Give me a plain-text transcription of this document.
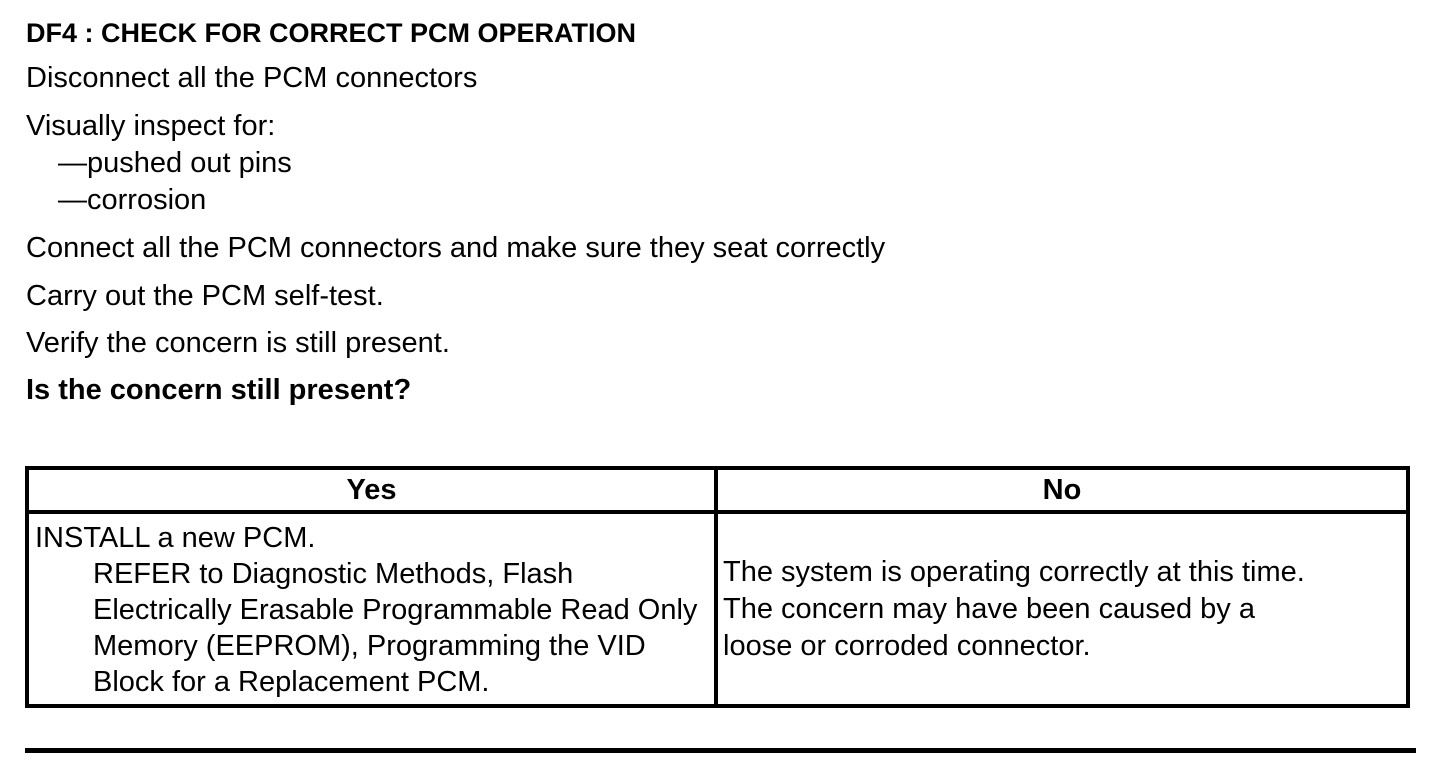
DF4 : CHECK FOR CORRECT PCM OPERATION
Disconnect all the PCM connectors
Visually inspect for:
—pushed out pins
—corrosion
Connect all the PCM connectors and make sure they seat correctly
Carry out the PCM self-test.
Verify the concern is still present.
Is the concern still present?
Yes	No

INSTALL a new PCM.
REFER to Diagnostic Methods, Flash Electrically Erasable Programmable Read Only Memory (EEPROM), Programming the VID Block for a Replacement PCM.	The system is operating correctly at this time.
The concern may have been caused by a
loose or corroded connector.
